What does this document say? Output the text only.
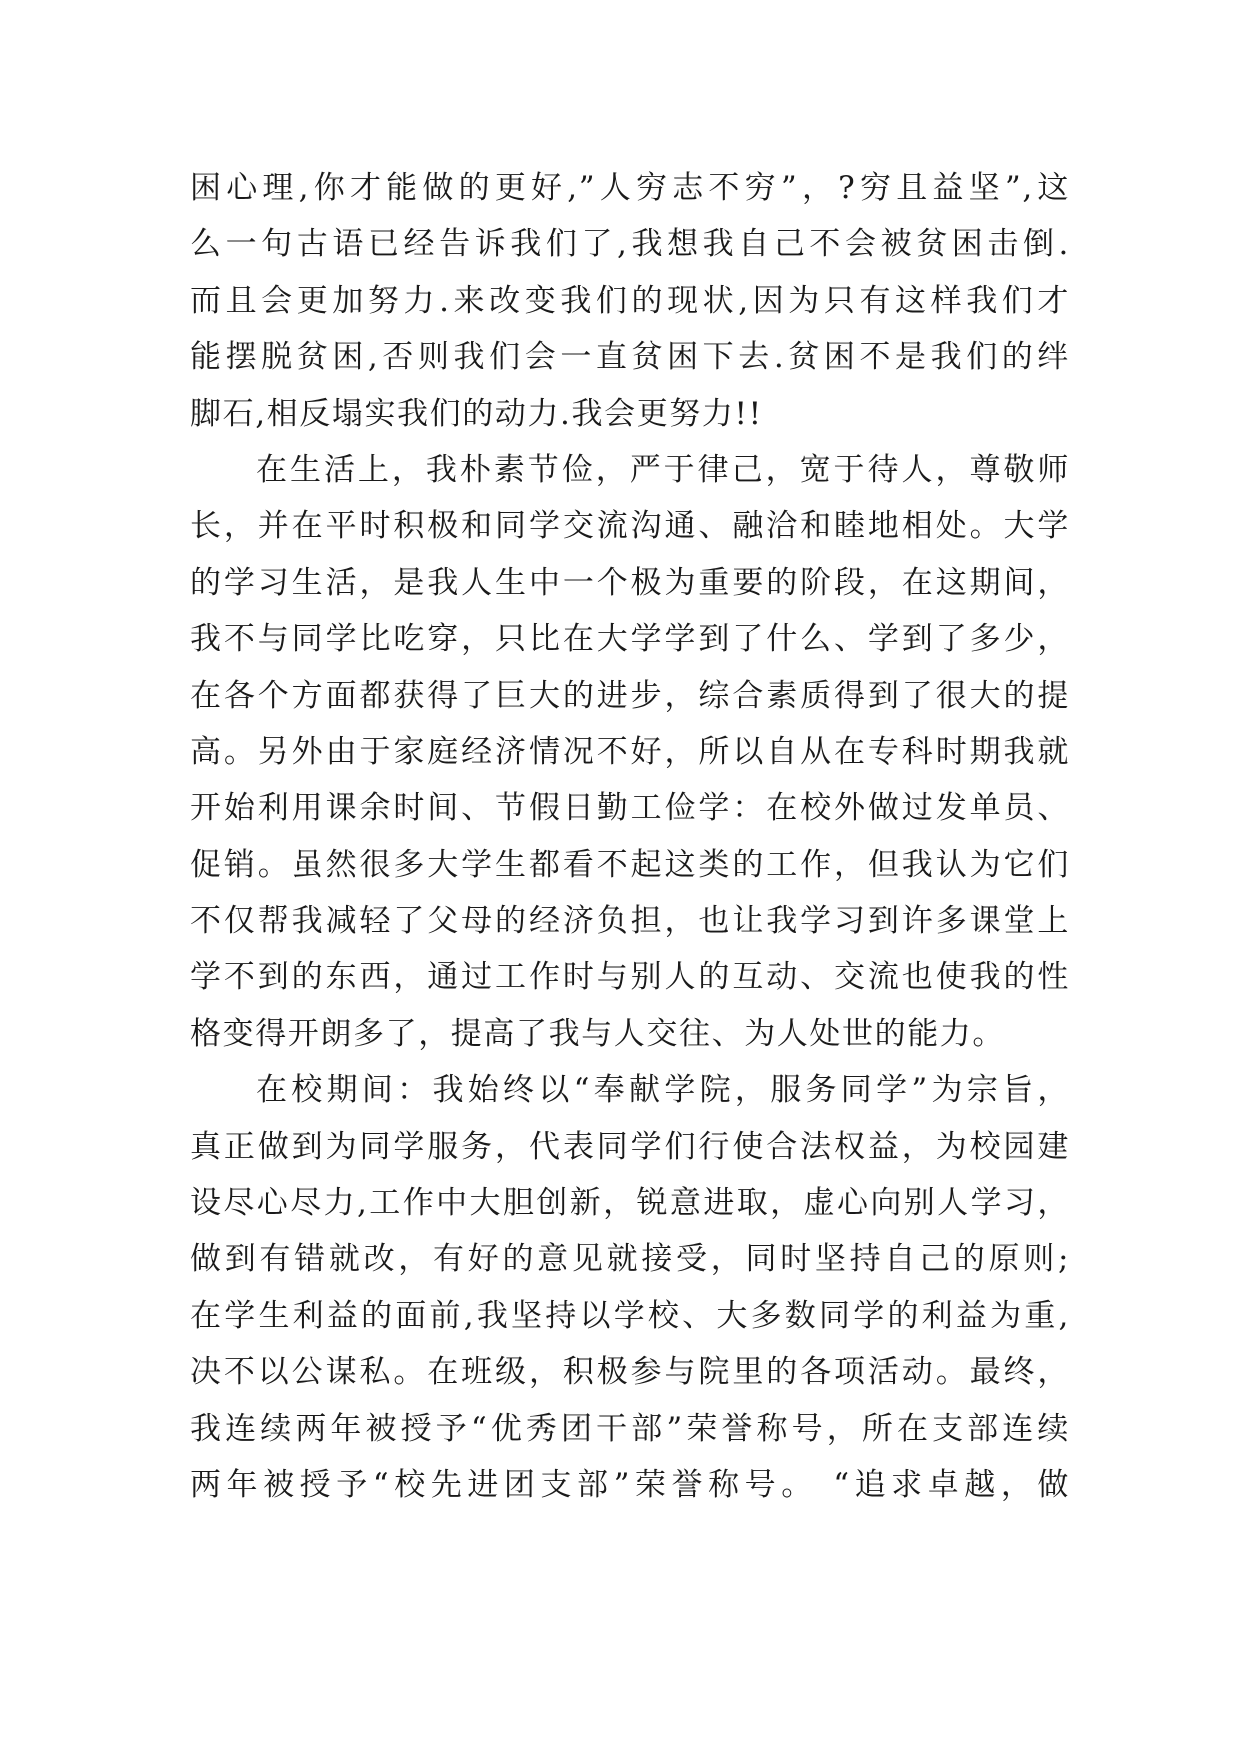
困心理,你才能做的更好,”人穷志不穷”，?穷且益坚”,这
么一句古语已经告诉我们了,我想我自己不会被贫困击倒.
而且会更加努力.来改变我们的现状,因为只有这样我们才
能摆脱贫困,否则我们会一直贫困下去.贫困不是我们的绊
脚石,相反塌实我们的动力.我会更努力!!
在生活上，我朴素节俭，严于律己，宽于待人，尊敬师
长，并在平时积极和同学交流沟通、融洽和睦地相处。大学
的学习生活，是我人生中一个极为重要的阶段，在这期间，
我不与同学比吃穿，只比在大学学到了什么、学到了多少，
在各个方面都获得了巨大的进步，综合素质得到了很大的提
高。另外由于家庭经济情况不好，所以自从在专科时期我就
开始利用课余时间、节假日勤工俭学：在校外做过发单员、
促销。虽然很多大学生都看不起这类的工作，但我认为它们
不仅帮我减轻了父母的经济负担，也让我学习到许多课堂上
学不到的东西，通过工作时与别人的互动、交流也使我的性
格变得开朗多了，提高了我与人交往、为人处世的能力。
在校期间：我始终以“奉献学院，服务同学”为宗旨，
真正做到为同学服务，代表同学们行使合法权益，为校园建
设尽心尽力,工作中大胆创新，锐意进取，虚心向别人学习，
做到有错就改，有好的意见就接受，同时坚持自己的原则;
在学生利益的面前,我坚持以学校、大多数同学的利益为重,
决不以公谋私。在班级，积极参与院里的各项活动。最终，
我连续两年被授予“优秀团干部”荣誉称号，所在支部连续
两年被授予“校先进团支部”荣誉称号。 “追求卓越，做
